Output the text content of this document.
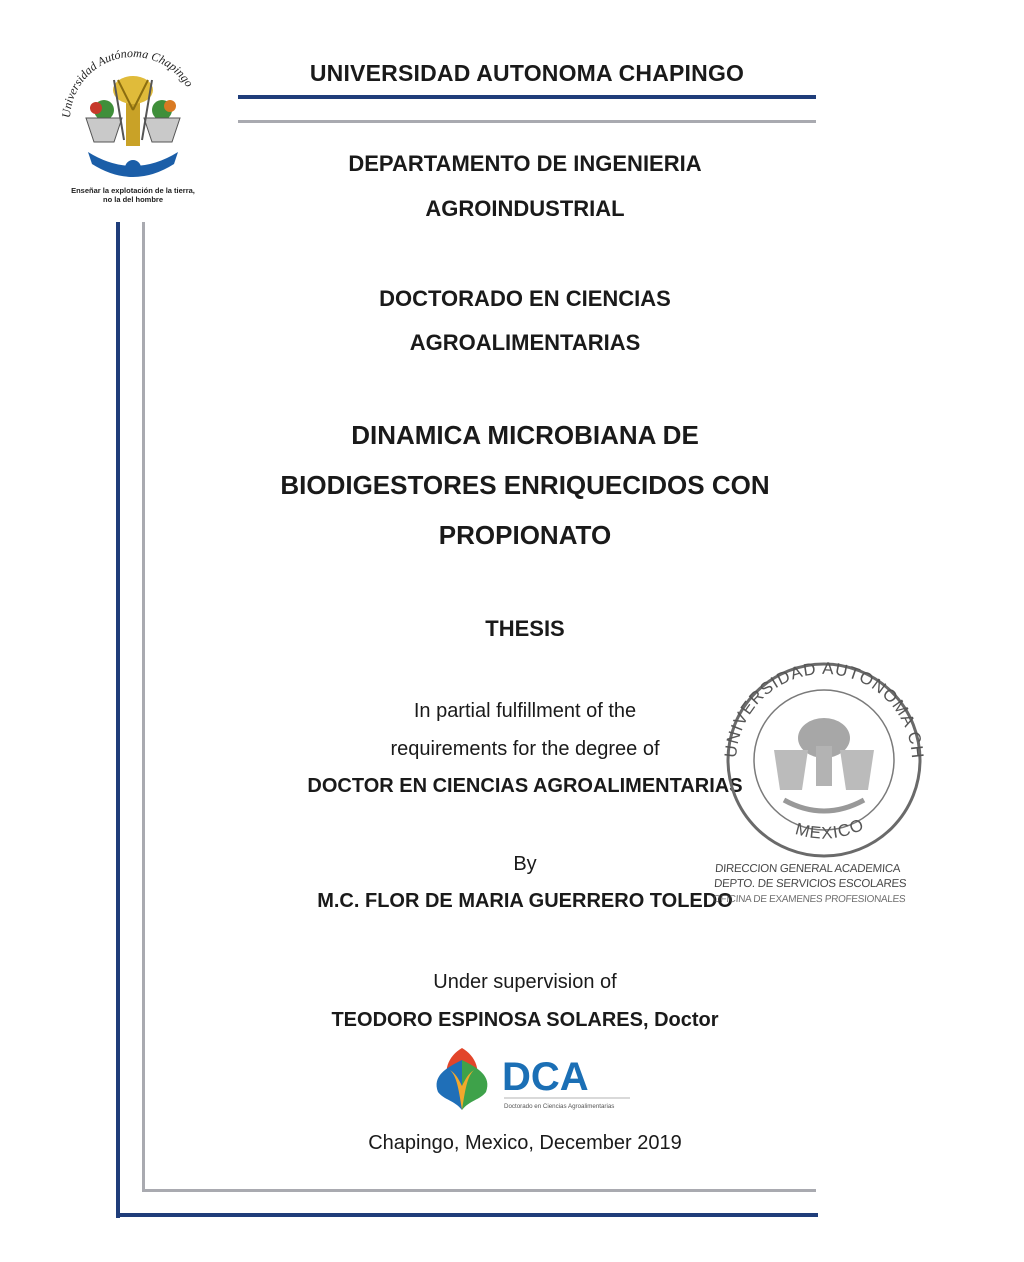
Universidad Autónoma Chapingo
Enseñar la explotación de la tierra,
no la del hombre
UNIVERSIDAD AUTONOMA CHAPINGO
DEPARTAMENTO DE INGENIERIA
AGROINDUSTRIAL
DOCTORADO EN CIENCIAS
AGROALIMENTARIAS
DINAMICA MICROBIANA DE
BIODIGESTORES ENRIQUECIDOS CON
PROPIONATO
THESIS
In partial fulfillment of the
requirements for the degree of
DOCTOR EN CIENCIAS AGROALIMENTARIAS
By
M.C. FLOR DE MARIA GUERRERO TOLEDO
Under supervision of
TEODORO ESPINOSA SOLARES, Doctor
DCA
Doctorado en Ciencias Agroalimentarias
UNIVERSIDAD AUTONOMA CH
MEXICO
DIRECCION GENERAL ACADEMICA
DEPTO. DE SERVICIOS ESCOLARES
OFICINA DE EXAMENES PROFESIONALES
Chapingo, Mexico, December 2019
